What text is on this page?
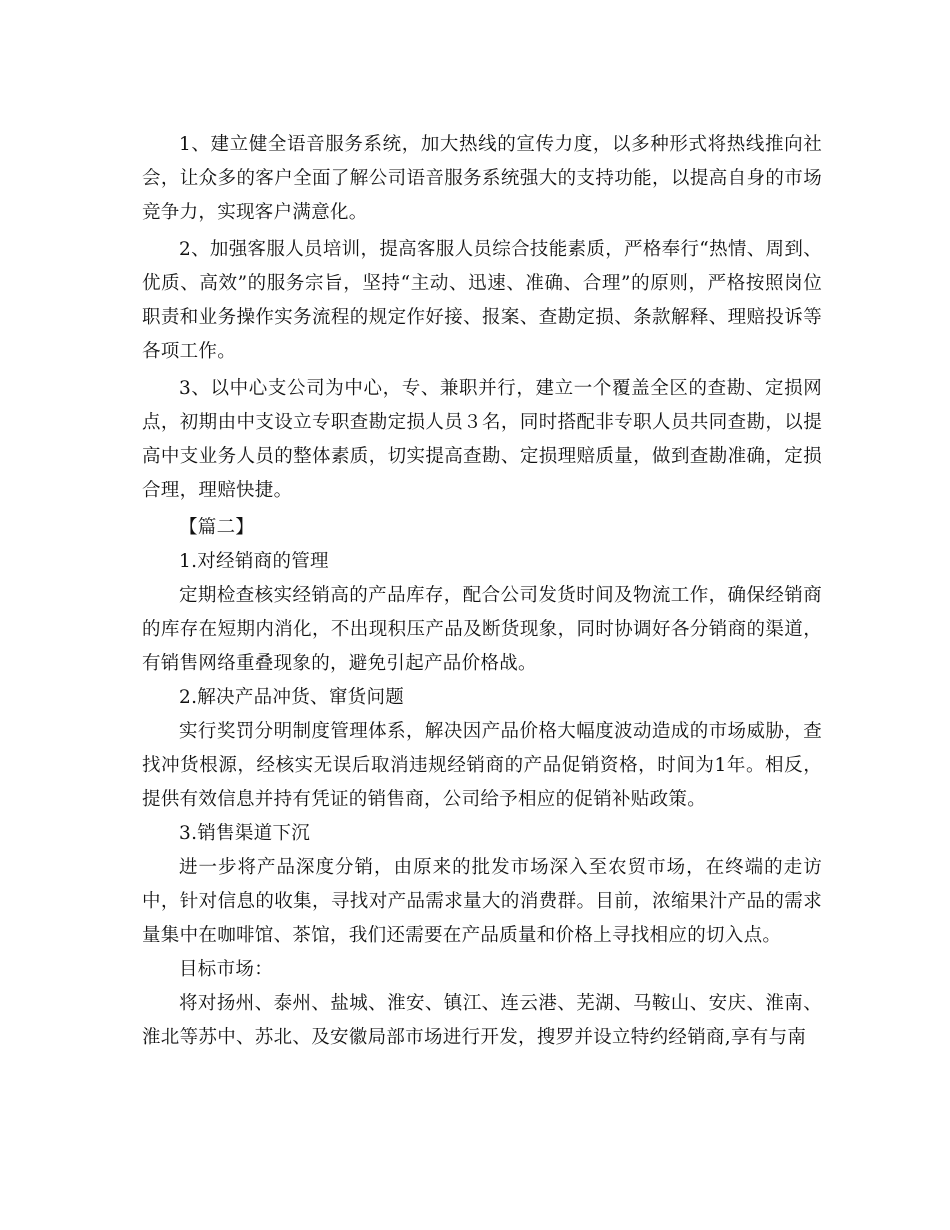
1、建立健全语音服务系统，加大热线的宣传力度，以多种形式将热线推向社会，让众多的客户全面了解公司语音服务系统强大的支持功能，以提高自身的市场竞争力，实现客户满意化。

2、加强客服人员培训，提高客服人员综合技能素质，严格奉行“热情、周到、优质、高效”的服务宗旨，坚持“主动、迅速、准确、合理”的原则，严格按照岗位职责和业务操作实务流程的规定作好接、报案、查勘定损、条款解释、理赔投诉等各项工作。

3、以中心支公司为中心，专、兼职并行，建立一个覆盖全区的查勘、定损网点，初期由中支设立专职查勘定损人员３名，同时搭配非专职人员共同查勘，以提高中支业务人员的整体素质，切实提高查勘、定损理赔质量，做到查勘准确，定损合理，理赔快捷。

【篇二】

1.对经销商的管理

定期检查核实经销高的产品库存，配合公司发货时间及物流工作，确保经销商的库存在短期内消化，不出现积压产品及断货现象，同时协调好各分销商的渠道，有销售网络重叠现象的，避免引起产品价格战。

2.解决产品冲货、窜货问题

实行奖罚分明制度管理体系，解决因产品价格大幅度波动造成的市场威胁，查找冲货根源，经核实无误后取消违规经销商的产品促销资格，时间为1年。相反，提供有效信息并持有凭证的销售商，公司给予相应的促销补贴政策。

3.销售渠道下沉

进一步将产品深度分销，由原来的批发市场深入至农贸市场，在终端的走访中，针对信息的收集，寻找对产品需求量大的消费群。目前，浓缩果汁产品的需求量集中在咖啡馆、茶馆，我们还需要在产品质量和价格上寻找相应的切入点。

目标市场：

将对扬州、泰州、盐城、淮安、镇江、连云港、芜湖、马鞍山、安庆、淮南、淮北等苏中、苏北、及安徽局部市场进行开发，搜罗并设立特约经销商,享有与南
